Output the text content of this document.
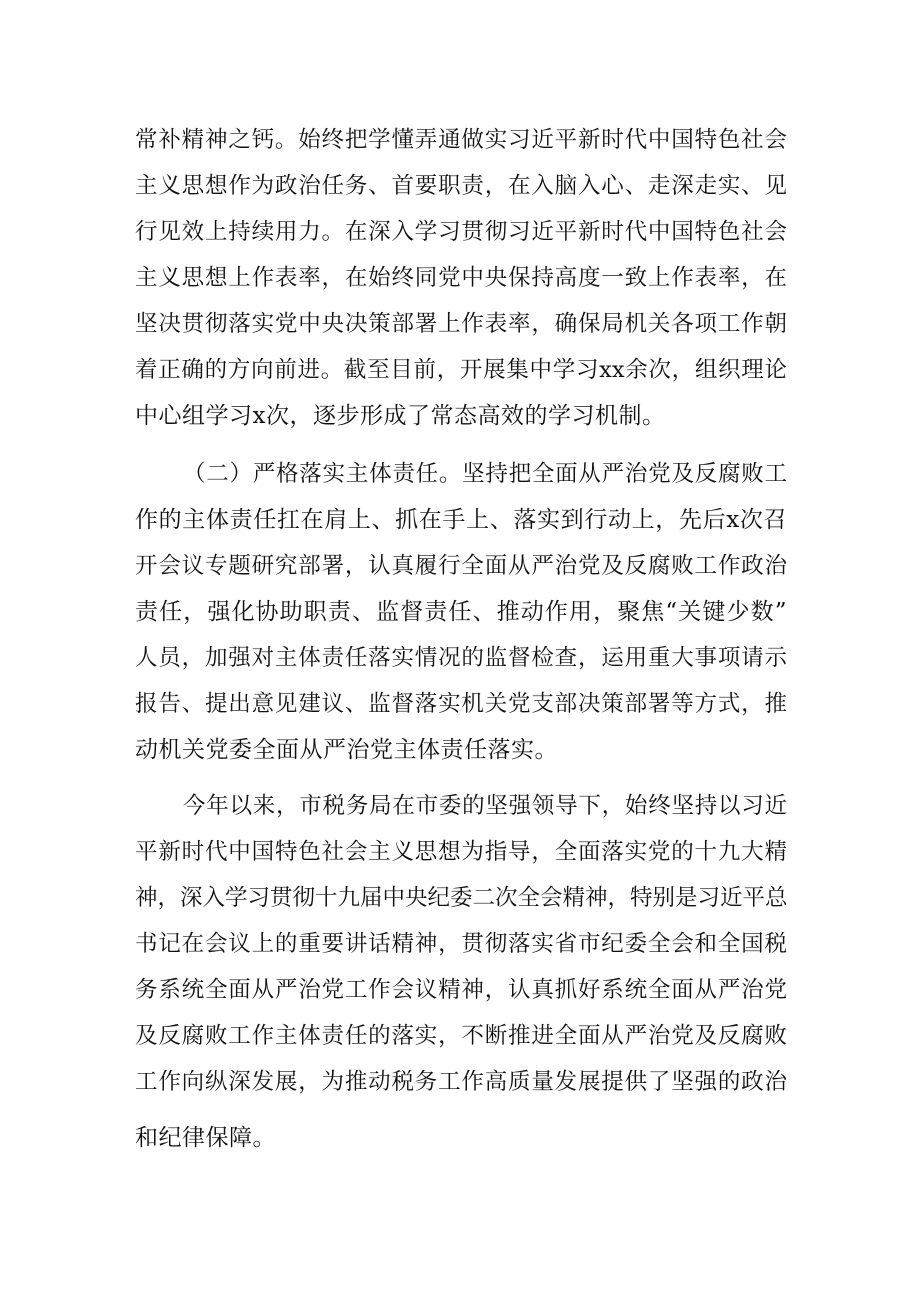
常补精神之钙。始终把学懂弄通做实习近平新时代中国特色社会
主义思想作为政治任务、首要职责，在入脑入心、走深走实、见
行见效上持续用力。在深入学习贯彻习近平新时代中国特色社会
主义思想上作表率，在始终同党中央保持高度一致上作表率，在
坚决贯彻落实党中央决策部署上作表率，确保局机关各项工作朝
着正确的方向前进。截至目前，开展集中学习xx余次，组织理论
中心组学习x次，逐步形成了常态高效的学习机制。
（二）严格落实主体责任。坚持把全面从严治党及反腐败工
作的主体责任扛在肩上、抓在手上、落实到行动上，先后x次召
开会议专题研究部署，认真履行全面从严治党及反腐败工作政治
责任，强化协助职责、监督责任、推动作用，聚焦“关键少数”
人员，加强对主体责任落实情况的监督检查，运用重大事项请示
报告、提出意见建议、监督落实机关党支部决策部署等方式，推
动机关党委全面从严治党主体责任落实。
今年以来，市税务局在市委的坚强领导下，始终坚持以习近
平新时代中国特色社会主义思想为指导，全面落实党的十九大精
神，深入学习贯彻十九届中央纪委二次全会精神，特别是习近平总
书记在会议上的重要讲话精神，贯彻落实省市纪委全会和全国税
务系统全面从严治党工作会议精神，认真抓好系统全面从严治党
及反腐败工作主体责任的落实，不断推进全面从严治党及反腐败
工作向纵深发展，为推动税务工作高质量发展提供了坚强的政治
和纪律保障。
